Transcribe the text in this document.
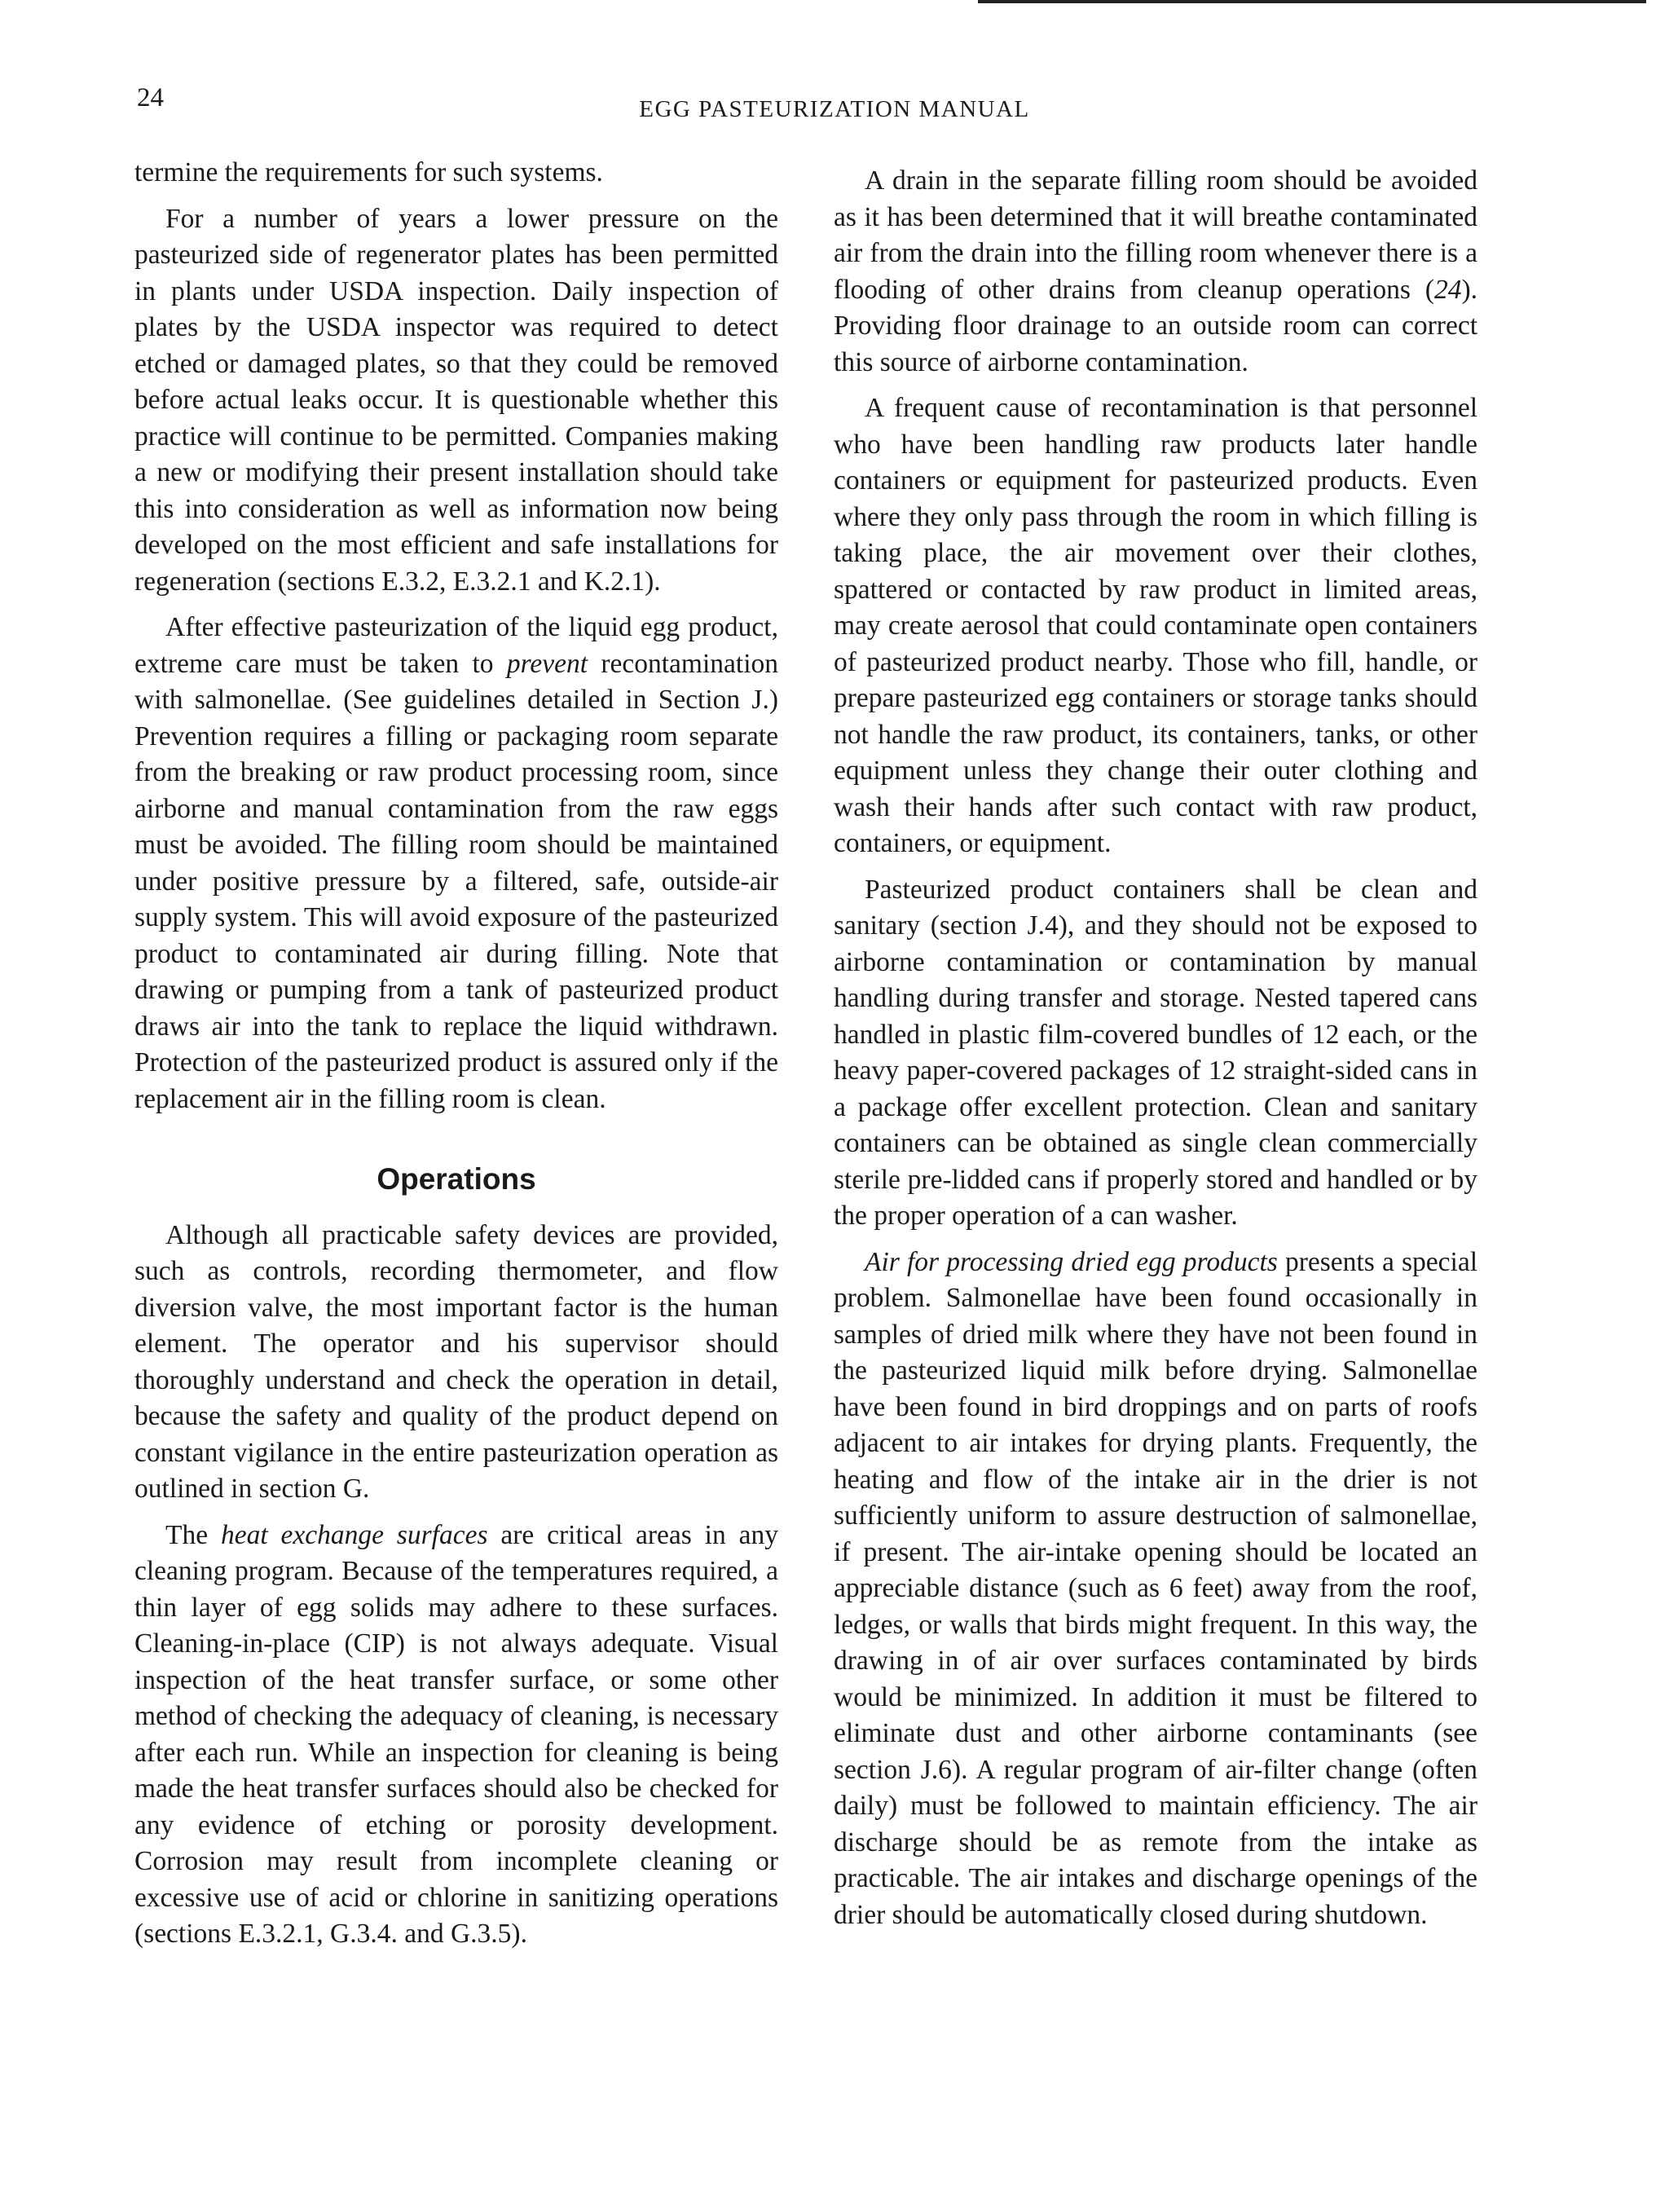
24	EGG PASTEURIZATION MANUAL

termine the requirements for such systems.

For a number of years a lower pressure on the pasteurized side of regenerator plates has been permitted in plants under USDA inspection. Daily inspection of plates by the USDA inspector was required to detect etched or damaged plates, so that they could be removed before actual leaks occur. It is questionable whether this practice will continue to be permitted. Companies making a new or modifying their present installation should take this into consideration as well as information now being developed on the most efficient and safe installations for regeneration (sections E.3.2, E.3.2.1 and K.2.1).

After effective pasteurization of the liquid egg product, extreme care must be taken to prevent recontamination with salmonellae. (See guidelines detailed in Section J.) Prevention requires a filling or packaging room separate from the breaking or raw product processing room, since airborne and manual contamination from the raw eggs must be avoided. The filling room should be maintained under positive pressure by a filtered, safe, outside-air supply system. This will avoid exposure of the pasteurized product to contaminated air during filling. Note that drawing or pumping from a tank of pasteurized product draws air into the tank to replace the liquid withdrawn. Protection of the pasteurized product is assured only if the replacement air in the filling room is clean.

Operations

Although all practicable safety devices are provided, such as controls, recording thermometer, and flow diversion valve, the most important factor is the human element. The operator and his supervisor should thoroughly understand and check the operation in detail, because the safety and quality of the product depend on constant vigilance in the entire pasteurization operation as outlined in section G.

The heat exchange surfaces are critical areas in any cleaning program. Because of the temperatures required, a thin layer of egg solids may adhere to these surfaces. Cleaning-in-place (CIP) is not always adequate. Visual inspection of the heat transfer surface, or some other method of checking the adequacy of cleaning, is necessary after each run. While an inspection for cleaning is being made the heat transfer surfaces should also be checked for any evidence of etching or porosity development. Corrosion may result from incomplete cleaning or excessive use of acid or chlorine in sanitizing operations (sections E.3.2.1, G.3.4. and G.3.5).

A drain in the separate filling room should be avoided as it has been determined that it will breathe contaminated air from the drain into the filling room whenever there is a flooding of other drains from cleanup operations (24). Providing floor drainage to an outside room can correct this source of airborne contamination.

A frequent cause of recontamination is that personnel who have been handling raw products later handle containers or equipment for pasteurized products. Even where they only pass through the room in which filling is taking place, the air movement over their clothes, spattered or contacted by raw product in limited areas, may create aerosol that could contaminate open containers of pasteurized product nearby. Those who fill, handle, or prepare pasteurized egg containers or storage tanks should not handle the raw product, its containers, tanks, or other equipment unless they change their outer clothing and wash their hands after such contact with raw product, containers, or equipment.

Pasteurized product containers shall be clean and sanitary (section J.4), and they should not be exposed to airborne contamination or contamination by manual handling during transfer and storage. Nested tapered cans handled in plastic film-covered bundles of 12 each, or the heavy paper-covered packages of 12 straight-sided cans in a package offer excellent protection. Clean and sanitary containers can be obtained as single clean commercially sterile pre-lidded cans if properly stored and handled or by the proper operation of a can washer.

Air for processing dried egg products presents a special problem. Salmonellae have been found occasionally in samples of dried milk where they have not been found in the pasteurized liquid milk before drying. Salmonellae have been found in bird droppings and on parts of roofs adjacent to air intakes for drying plants. Frequently, the heating and flow of the intake air in the drier is not sufficiently uniform to assure destruction of salmonellae, if present. The air-intake opening should be located an appreciable distance (such as 6 feet) away from the roof, ledges, or walls that birds might frequent. In this way, the drawing in of air over surfaces contaminated by birds would be minimized. In addition it must be filtered to eliminate dust and other airborne contaminants (see section J.6). A regular program of air-filter change (often daily) must be followed to maintain efficiency. The air discharge should be as remote from the intake as practicable. The air intakes and discharge openings of the drier should be automatically closed during shutdown.
